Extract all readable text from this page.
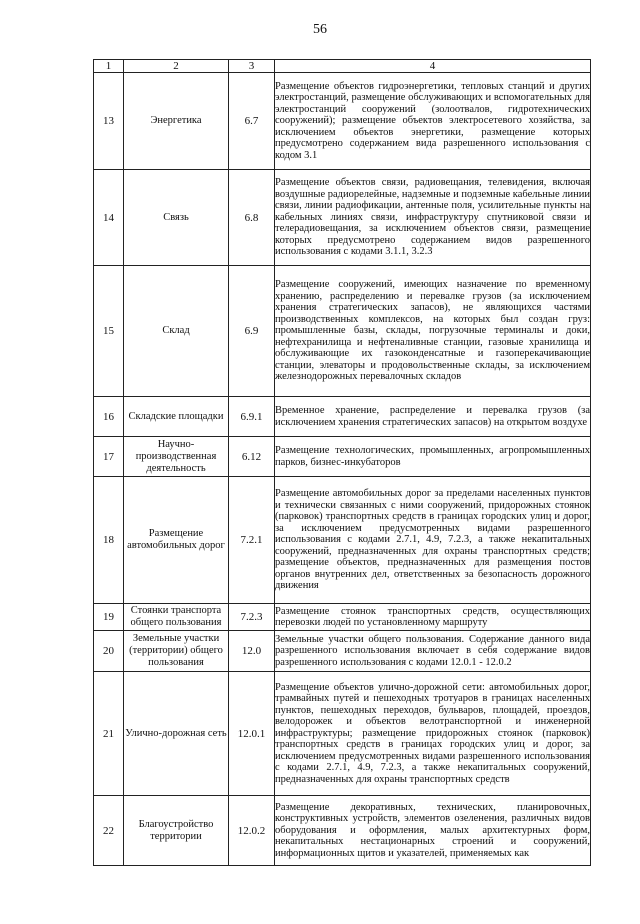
56
1	2	3	4
13	Энергетика	6.7	Размещение объектов гидроэнергетики, тепловых станций и других электростанций, размещение обслуживающих и вспомогательных для электростанций сооружений (золоотвалов, гидротехнических сооружений); размещение объектов электросетевого хозяйства, за исключением объектов энергетики, размещение которых предусмотрено содержанием вида разрешенного использования с кодом 3.1
14	Связь	6.8	Размещение объектов связи, радиовещания, телевидения, включая воздушные радиорелейные, надземные и подземные кабельные линии связи, линии радиофикации, антенные поля, усилительные пункты на кабельных линиях связи, инфраструктуру спутниковой связи и телерадиовещания, за исключением объектов связи, размещение которых предусмотрено содержанием видов разрешенного использования с кодами 3.1.1, 3.2.3
15	Склад	6.9	Размещение сооружений, имеющих назначение по временному хранению, распределению и перевалке грузов (за исключением хранения стратегических запасов), не являющихся частями производственных комплексов, на которых был создан груз: промышленные базы, склады, погрузочные терминалы и доки, нефтехранилища и нефтеналивные станции, газовые хранилища и обслуживающие их газоконденсатные и газоперекачивающие станции, элеваторы и продовольственные склады, за исключением железнодорожных перевалочных складов
16	Складские площадки	6.9.1	Временное хранение, распределение и перевалка грузов (за исключением хранения стратегических запасов) на открытом воздухе
17	Научно-производственная деятельность	6.12	Размещение технологических, промышленных, агропромышленных парков, бизнес-инкубаторов
18	Размещение автомобильных дорог	7.2.1	Размещение автомобильных дорог за пределами населенных пунктов и технически связанных с ними сооружений, придорожных стоянок (парковок) транспортных средств в границах городских улиц и дорог, за исключением предусмотренных видами разрешенного использования с кодами 2.7.1, 4.9, 7.2.3, а также некапитальных сооружений, предназначенных для охраны транспортных средств; размещение объектов, предназначенных для размещения постов органов внутренних дел, ответственных за безопасность дорожного движения
19	Стоянки транспорта общего пользования	7.2.3	Размещение стоянок транспортных средств, осуществляющих перевозки людей по установленному маршруту
20	Земельные участки (территории) общего пользования	12.0	Земельные участки общего пользования. Содержание данного вида разрешенного использования включает в себя содержание видов разрешенного использования с кодами 12.0.1 - 12.0.2
21	Улично-дорожная сеть	12.0.1	Размещение объектов улично-дорожной сети: автомобильных дорог, трамвайных путей и пешеходных тротуаров в границах населенных пунктов, пешеходных переходов, бульваров, площадей, проездов, велодорожек и объектов велотранспортной и инженерной инфраструктуры; размещение придорожных стоянок (парковок) транспортных средств в границах городских улиц и дорог, за исключением предусмотренных видами разрешенного использования с кодами 2.7.1, 4.9, 7.2.3, а также некапитальных сооружений, предназначенных для охраны транспортных средств
22	Благоустройство территории	12.0.2	Размещение декоративных, технических, планировочных, конструктивных устройств, элементов озеленения, различных видов оборудования и оформления, малых архитектурных форм, некапитальных нестационарных строений и сооружений, информационных щитов и указателей, применяемых как
